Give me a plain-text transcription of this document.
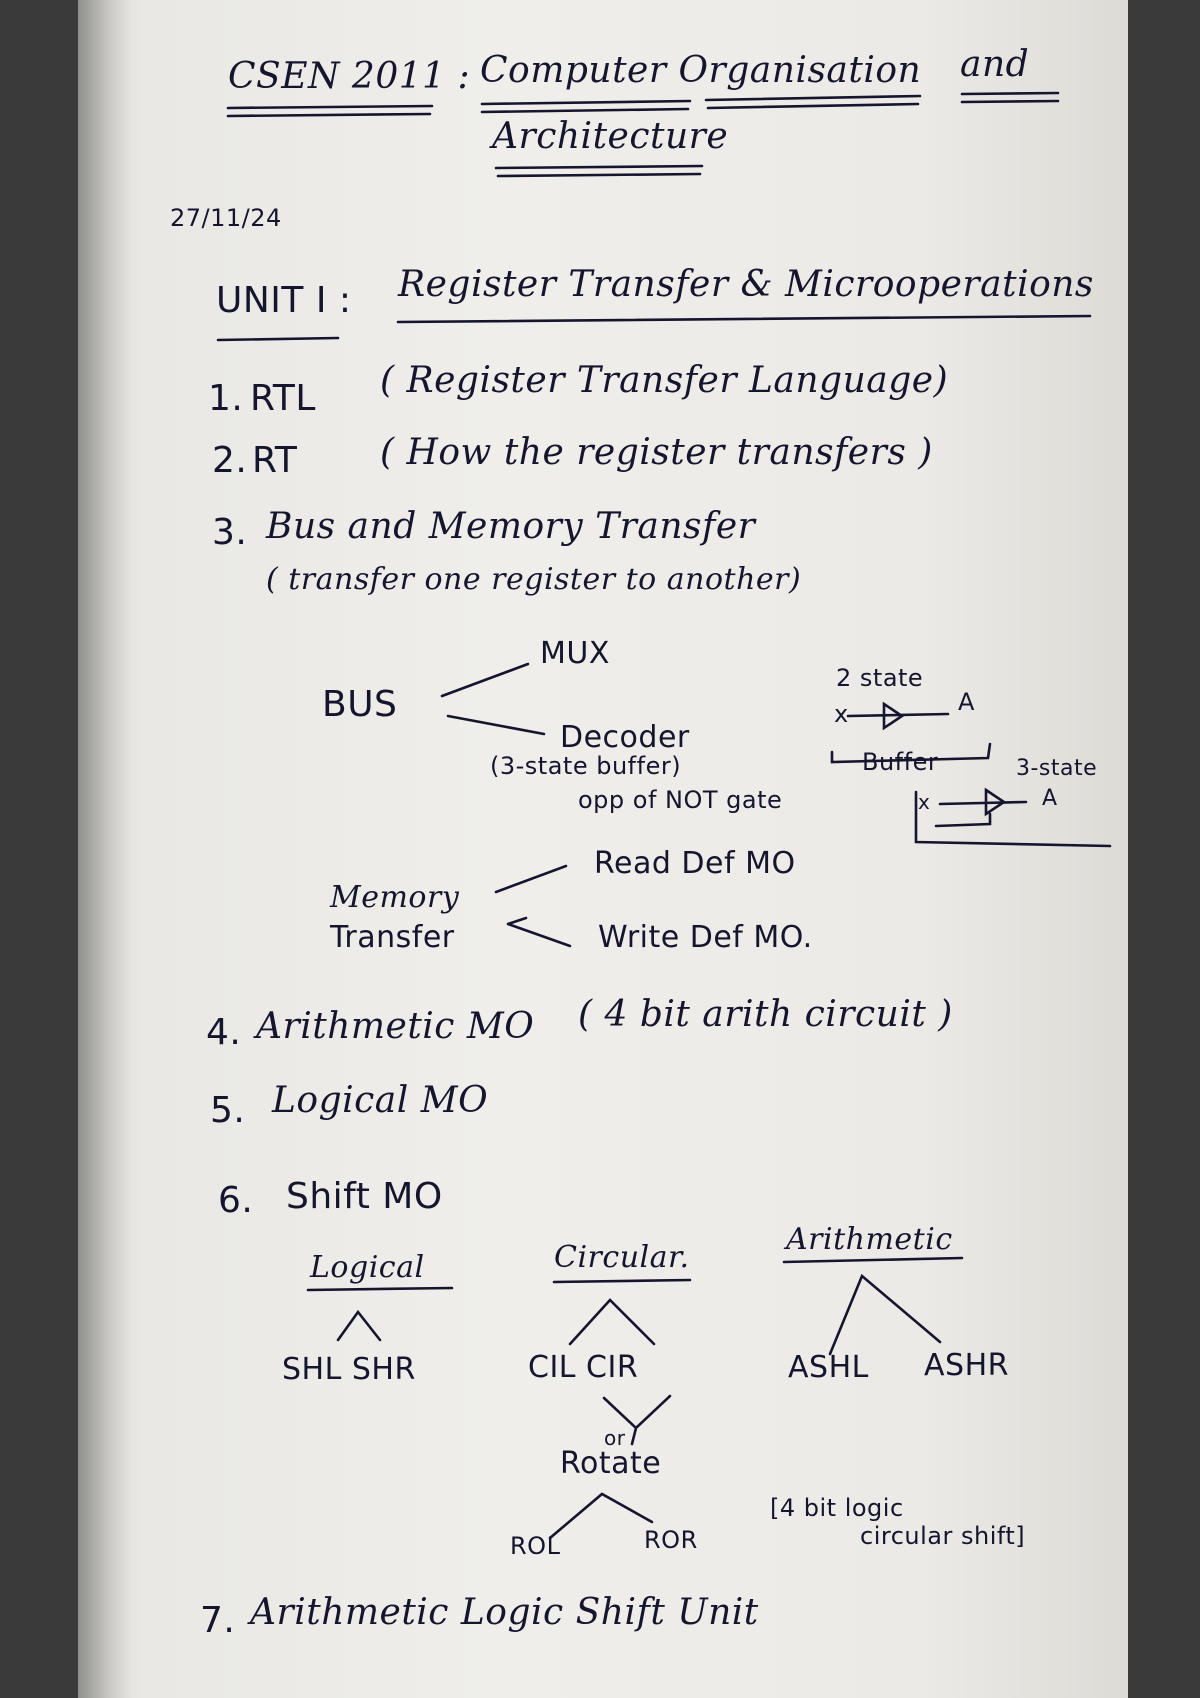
CSEN 2011 : Computer Organisation and
Architecture
27/11/24
UNIT I : Register Transfer & Microoperations
1. RTL ( Register Transfer Language)
2. RT ( How the register transfers )
3. Bus and Memory Transfer
( transfer one register to another)
BUS
MUX
Decoder
(3-state buffer)
opp of NOT gate
2 state
x	A
Buffer	3-state
x	A
Memory
Transfer
Read Def MO
Write Def MO.
4. Arithmetic MO ( 4 bit arith circuit )
5. Logical MO
6. Shift MO
Logical
SHL SHR
Circular.
CIL CIR
or
Rotate
ROL	ROR
Arithmetic
ASHL ASHR
[4 bit logic
circular shift]
7. Arithmetic Logic Shift Unit
